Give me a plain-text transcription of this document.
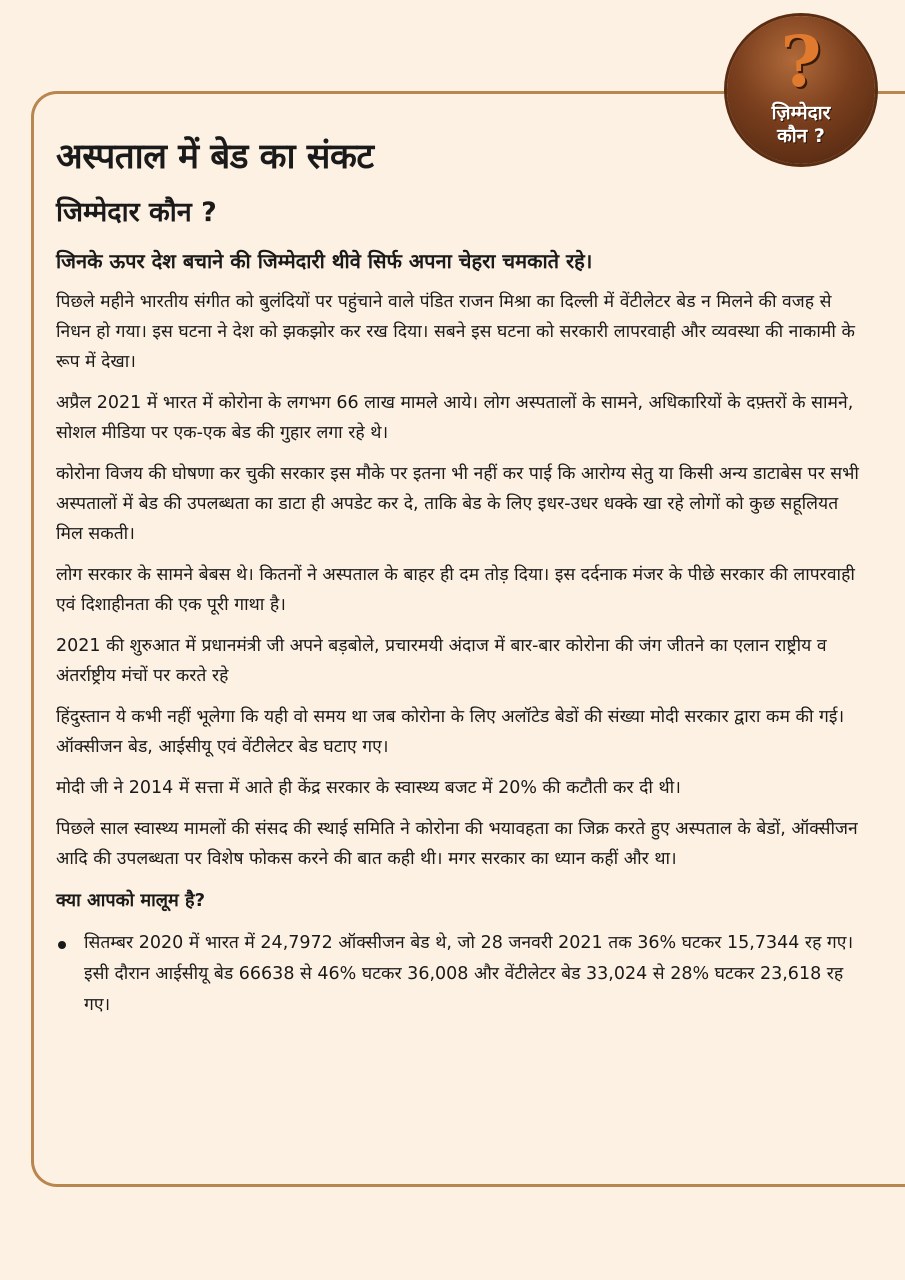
?
ज़िम्मेदार
कौन ?
अस्पताल में बेड का संकट
जिम्मेदार कौन ?
जिनके ऊपर देश बचाने की जिम्मेदारी थीवे सिर्फ अपना चेहरा चमकाते रहे।

पिछले महीने भारतीय संगीत को बुलंदियों पर पहुंचाने वाले पंडित राजन मिश्रा का दिल्ली में वेंटीलेटर बेड न मिलने की वजह से निधन हो गया। इस घटना ने देश को झकझोर कर रख दिया। सबने इस घटना को सरकारी लापरवाही और व्यवस्था की नाकामी के रूप में देखा।

अप्रैल 2021 में भारत में कोरोना के लगभग 66 लाख मामले आये। लोग अस्पतालों के सामने, अधिकारियों के दफ़्तरों के सामने, सोशल मीडिया पर एक-एक बेड की गुहार लगा रहे थे।

कोरोना विजय की घोषणा कर चुकी सरकार इस मौके पर इतना भी नहीं कर पाई कि आरोग्य सेतु या किसी अन्य डाटाबेस पर सभी अस्पतालों में बेड की उपलब्धता का डाटा ही अपडेट कर दे, ताकि बेड के लिए इधर-उधर धक्के खा रहे लोगों को कुछ सहूलियत मिल सकती।

लोग सरकार के सामने बेबस थे। कितनों ने अस्पताल के बाहर ही दम तोड़ दिया। इस दर्दनाक मंजर के पीछे सरकार की लापरवाही एवं दिशाहीनता की एक पूरी गाथा है।

2021 की शुरुआत में प्रधानमंत्री जी अपने बड़बोले, प्रचारमयी अंदाज में बार-बार कोरोना की जंग जीतने का एलान राष्ट्रीय व अंतर्राष्ट्रीय मंचों पर करते रहे

हिंदुस्तान ये कभी नहीं भूलेगा कि यही वो समय था जब कोरोना के लिए अलॉटेड बेडों की संख्या मोदी सरकार द्वारा कम की गई। ऑक्सीजन बेड, आईसीयू एवं वेंटीलेटर बेड घटाए गए।

मोदी जी ने 2014 में सत्ता में आते ही केंद्र सरकार के स्वास्थ्य बजट में 20% की कटौती कर दी थी।

पिछले साल स्वास्थ्य मामलों की संसद की स्थाई समिति ने कोरोना की भयावहता का जिक्र करते हुए अस्पताल के बेडों, ऑक्सीजन आदि की उपलब्धता पर विशेष फोकस करने की बात कही थी। मगर सरकार का ध्यान कहीं और था।

क्या आपको मालूम है?
सितम्बर 2020 में भारत में 24,7972 ऑक्सीजन बेड थे, जो 28 जनवरी 2021 तक 36% घटकर 15,7344 रह गए। इसी दौरान आईसीयू बेड 66638 से 46% घटकर 36,008 और वेंटीलेटर बेड 33,024 से 28% घटकर 23,618 रह गए।
